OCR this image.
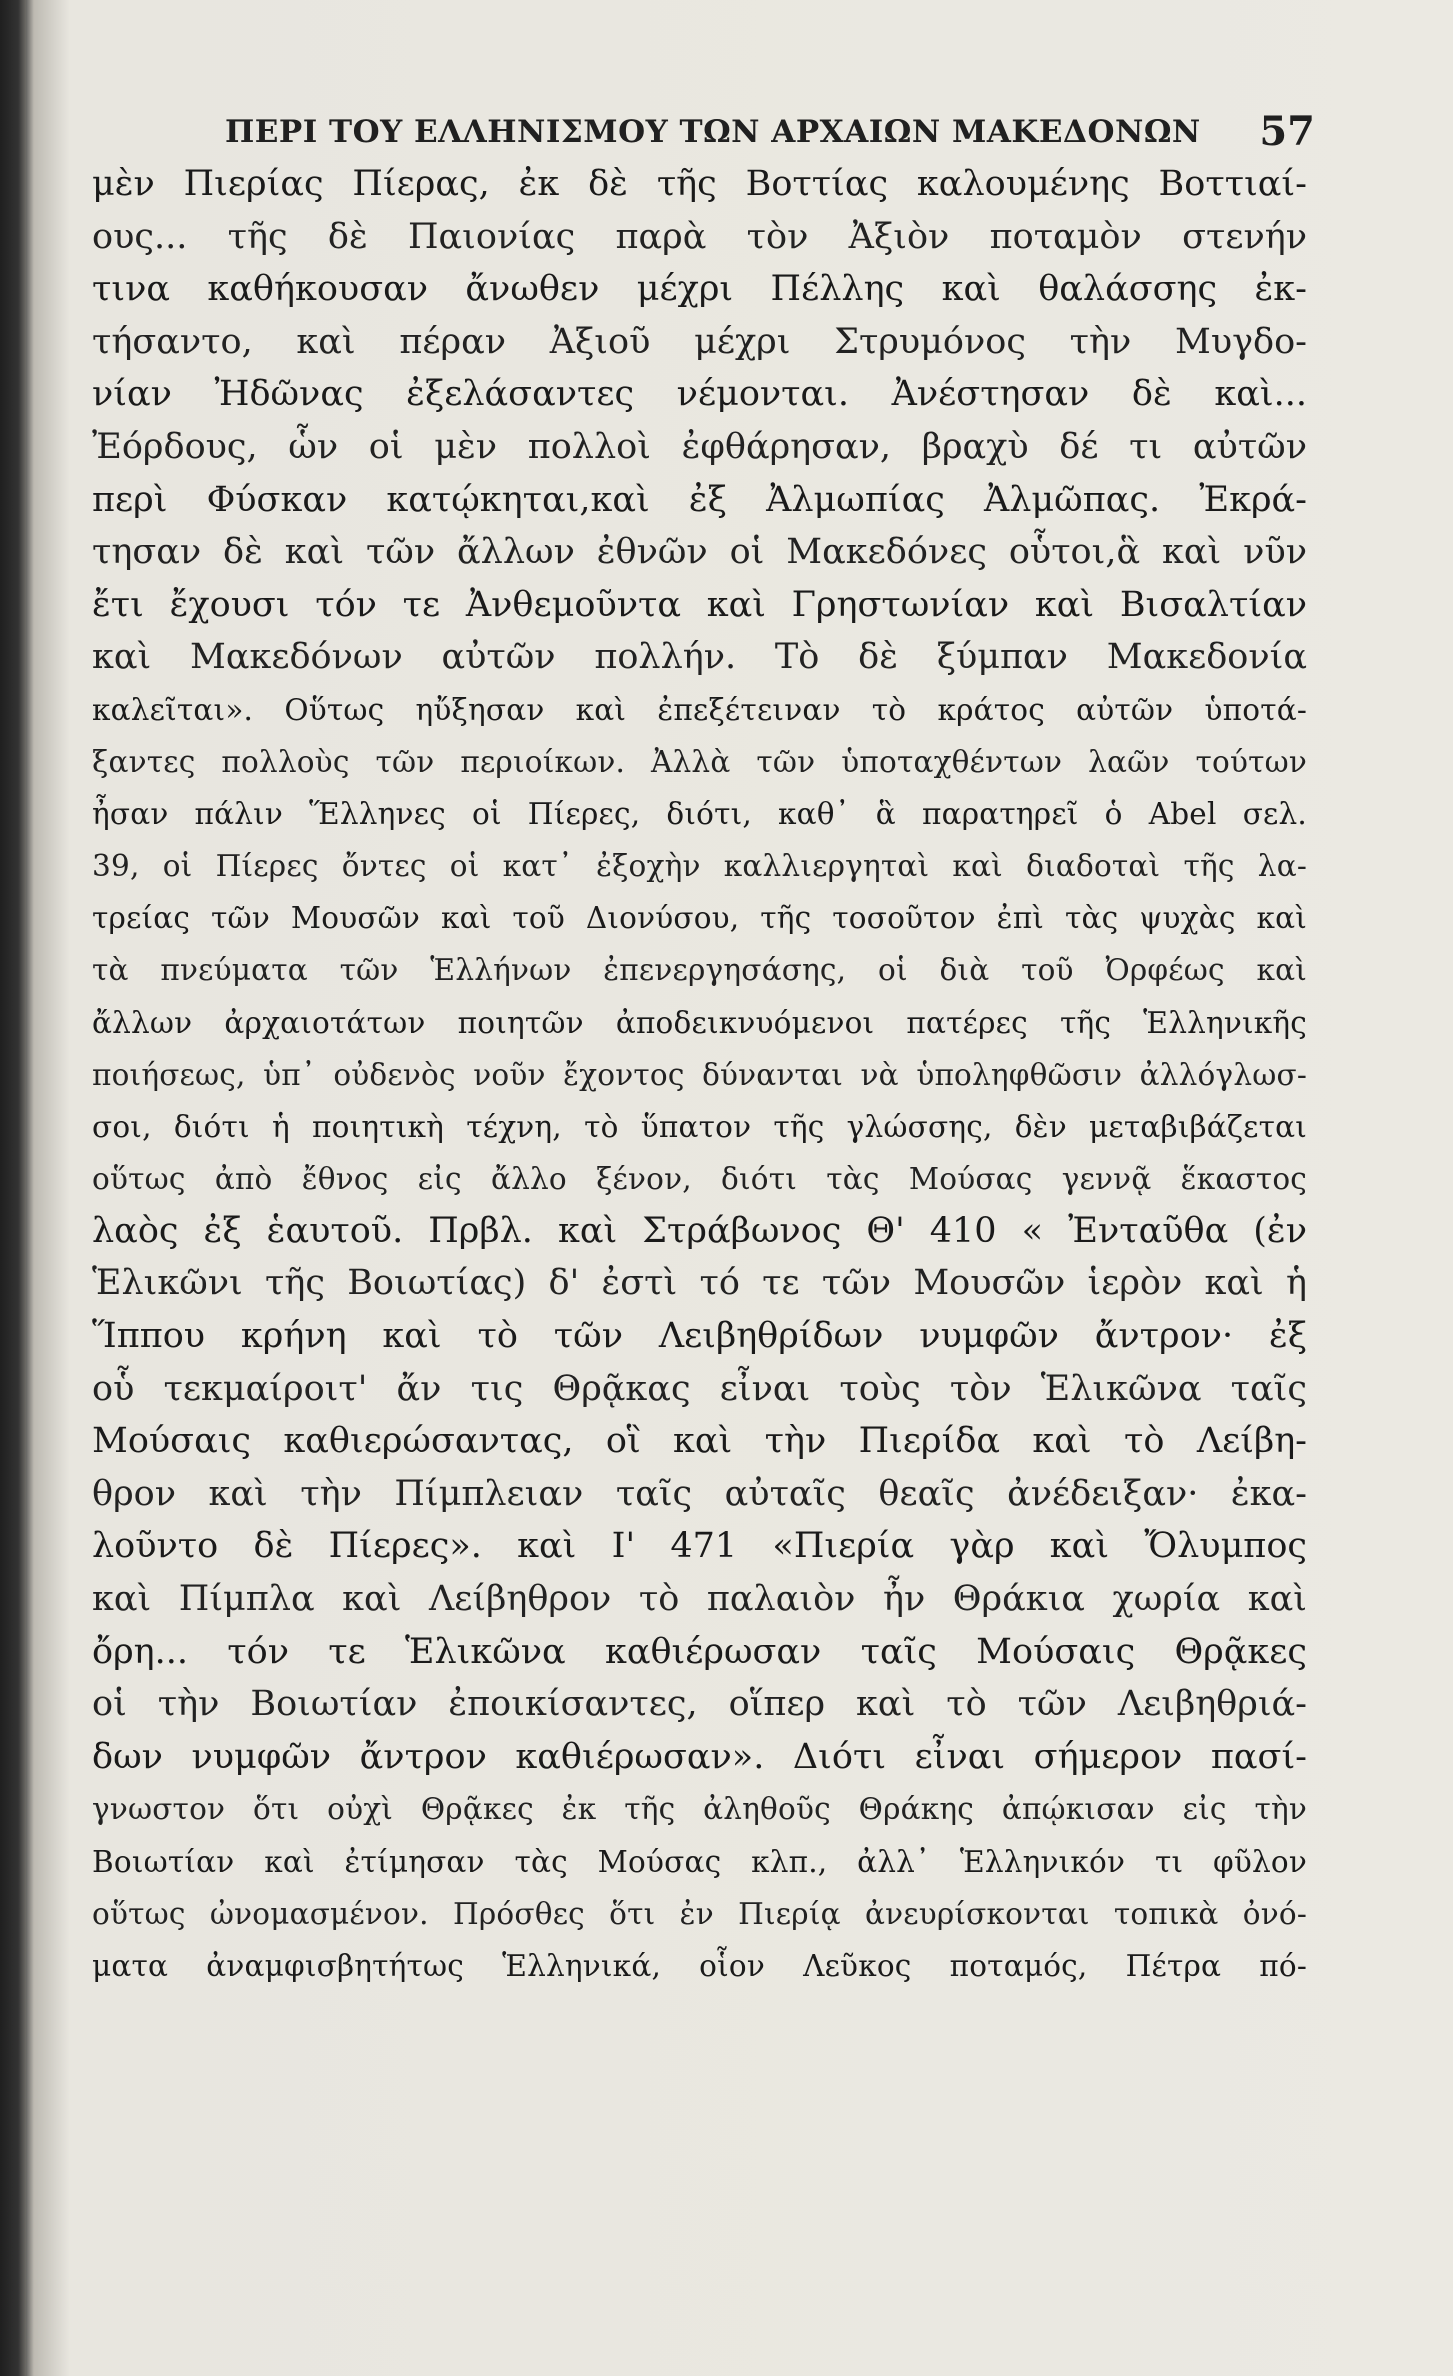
ΠΕΡΙ ΤΟΥ ΕΛΛΗΝΙΣΜΟΥ ΤΩΝ ΑΡΧΑΙΩΝ ΜΑΚΕΔΟΝΩΝ 57
μὲν Πιερίας Πίερας, ἐκ δὲ τῆς Βοττίας καλουμένης Βοττιαί-
ους... τῆς δὲ Παιονίας παρὰ τὸν Ἀξιὸν ποταμὸν στενήν
τινα καθήκουσαν ἄνωθεν μέχρι Πέλλης καὶ θαλάσσης ἐκ-
τήσαντο, καὶ πέραν Ἀξιοῦ μέχρι Στρυμόνος τὴν Μυγδο-
νίαν Ἠδῶνας ἐξελάσαντες νέμονται. Ἀνέστησαν δὲ καὶ...
Ἐόρδους, ὧν οἱ μὲν πολλοὶ ἐφθάρησαν, βραχὺ δέ τι αὐτῶν
περὶ Φύσκαν κατῴκηται,καὶ ἐξ Ἀλμωπίας Ἀλμῶπας. Ἐκρά-
τησαν δὲ καὶ τῶν ἄλλων ἐθνῶν οἱ Μακεδόνες οὗτοι,ἃ καὶ νῦν
ἔτι ἔχουσι τόν τε Ἀνθεμοῦντα καὶ Γρηστωνίαν καὶ Βισαλτίαν
καὶ Μακεδόνων αὐτῶν πολλήν. Τὸ δὲ ξύμπαν Μακεδονία
καλεῖται». Οὕτως ηὔξησαν καὶ ἐπεξέτειναν τὸ κράτος αὐτῶν ὑποτά-
ξαντες πολλοὺς τῶν περιοίκων. Ἀλλὰ τῶν ὑποταχθέντων λαῶν τούτων
ἦσαν πάλιν Ἕλληνες οἱ Πίερες, διότι, καθ᾽ ἃ παρατηρεῖ ὁ Abel σελ.
39, οἱ Πίερες ὄντες οἱ κατ᾽ ἐξοχὴν καλλιεργηταὶ καὶ διαδοταὶ τῆς λα-
τρείας τῶν Μουσῶν καὶ τοῦ Διονύσου, τῆς τοσοῦτον ἐπὶ τὰς ψυχὰς καὶ
τὰ πνεύματα τῶν Ἑλλήνων ἐπενεργησάσης, οἱ διὰ τοῦ Ὀρφέως καὶ
ἄλλων ἀρχαιοτάτων ποιητῶν ἀποδεικνυόμενοι πατέρες τῆς Ἑλληνικῆς
ποιήσεως, ὑπ᾽ οὐδενὸς νοῦν ἔχοντος δύνανται νὰ ὑποληφθῶσιν ἀλλόγλωσ-
σοι, διότι ἡ ποιητικὴ τέχνη, τὸ ὕπατον τῆς γλώσσης, δὲν μεταβιβάζεται
οὕτως ἀπὸ ἔθνος εἰς ἄλλο ξένον, διότι τὰς Μούσας γεννᾷ ἕκαστος
λαὸς ἐξ ἑαυτοῦ. Πρβλ. καὶ Στράβωνος Θ' 410 « Ἐνταῦθα (ἐν
Ἑλικῶνι τῆς Βοιωτίας) δ' ἐστὶ τό τε τῶν Μουσῶν ἱερὸν καὶ ἡ
Ἵππου κρήνη καὶ τὸ τῶν Λειβηθρίδων νυμφῶν ἄντρον· ἐξ
οὗ τεκμαίροιτ' ἄν τις Θρᾷκας εἶναι τοὺς τὸν Ἑλικῶνα ταῖς
Μούσαις καθιερώσαντας, οἳ καὶ τὴν Πιερίδα καὶ τὸ Λείβη-
θρον καὶ τὴν Πίμπλειαν ταῖς αὐταῖς θεαῖς ἀνέδειξαν· ἐκα-
λοῦντο δὲ Πίερες». καὶ Ι' 471 «Πιερία γὰρ καὶ Ὄλυμπος
καὶ Πίμπλα καὶ Λείβηθρον τὸ παλαιὸν ἦν Θράκια χωρία καὶ
ὄρη... τόν τε Ἑλικῶνα καθιέρωσαν ταῖς Μούσαις Θρᾷκες
οἱ τὴν Βοιωτίαν ἐποικίσαντες, οἵπερ καὶ τὸ τῶν Λειβηθριά-
δων νυμφῶν ἄντρον καθιέρωσαν». Διότι εἶναι σήμερον πασί-
γνωστον ὅτι οὐχὶ Θρᾷκες ἐκ τῆς ἀληθοῦς Θράκης ἀπῴκισαν εἰς τὴν
Βοιωτίαν καὶ ἐτίμησαν τὰς Μούσας κλπ., ἀλλ᾽ Ἑλληνικόν τι φῦλον
οὕτως ὠνομασμένον. Πρόσθες ὅτι ἐν Πιερίᾳ ἀνευρίσκονται τοπικὰ ὀνό-
ματα ἀναμφισβητήτως Ἑλληνικά, οἷον Λεῦκος ποταμός, Πέτρα πό-
